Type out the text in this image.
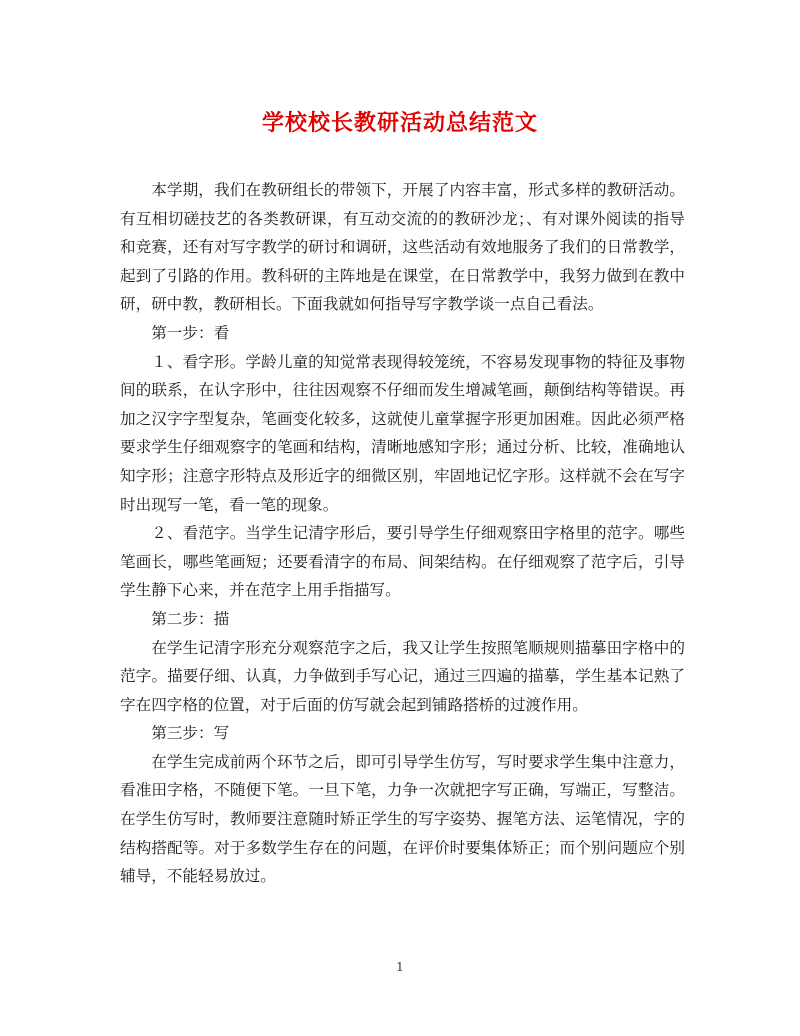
学校校长教研活动总结范文

本学期，我们在教研组长的带领下，开展了内容丰富，形式多样的教研活动。有互相切磋技艺的各类教研课，有互动交流的的教研沙龙；、有对课外阅读的指导和竞赛，还有对写字教学的研讨和调研，这些活动有效地服务了我们的日常教学，起到了引路的作用。教科研的主阵地是在课堂，在日常教学中，我努力做到在教中研，研中教，教研相长。下面我就如何指导写字教学谈一点自己看法。

第一步：看

１、看字形。学龄儿童的知觉常表现得较笼统，不容易发现事物的特征及事物间的联系，在认字形中，往往因观察不仔细而发生增减笔画，颠倒结构等错误。再加之汉字字型复杂，笔画变化较多，这就使儿童掌握字形更加困难。因此必须严格要求学生仔细观察字的笔画和结构，清晰地感知字形；通过分析、比较，准确地认知字形；注意字形特点及形近字的细微区别，牢固地记忆字形。这样就不会在写字时出现写一笔，看一笔的现象。

２、看范字。当学生记清字形后，要引导学生仔细观察田字格里的范字。哪些笔画长，哪些笔画短；还要看清字的布局、间架结构。在仔细观察了范字后，引导学生静下心来，并在范字上用手指描写。

第二步：描

在学生记清字形充分观察范字之后，我又让学生按照笔顺规则描摹田字格中的范字。描要仔细、认真，力争做到手写心记，通过三四遍的描摹，学生基本记熟了字在四字格的位置，对于后面的仿写就会起到铺路搭桥的过渡作用。

第三步：写

在学生完成前两个环节之后，即可引导学生仿写，写时要求学生集中注意力，看准田字格，不随便下笔。一旦下笔，力争一次就把字写正确，写端正，写整洁。在学生仿写时，教师要注意随时矫正学生的写字姿势、握笔方法、运笔情况，字的结构搭配等。对于多数学生存在的问题，在评价时要集体矫正；而个别问题应个别辅导，不能轻易放过。

1
